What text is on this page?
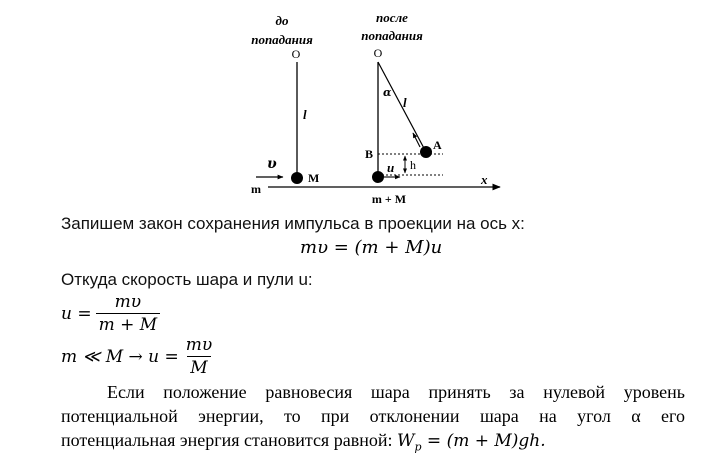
до
попадания
после
попадания
O	O
l
α
l
A
B
h
u
x
M
υ
m
m + M
Запишем закон сохранения импульса в проекции на ось x:
mυ = (m + M)u
Откуда скорость шара и пули u:
$u = \frac{m\upsilon}{m + M}$
m ≪ $M \to u = \frac{m\upsilon}{M}$
Если положение равновесия шара принять за нулевой уровень
потенциальной энергии, то при отклонении шара на угол α его
потенциальная энергия становится равной: $W_p = (m + M)gh$.
